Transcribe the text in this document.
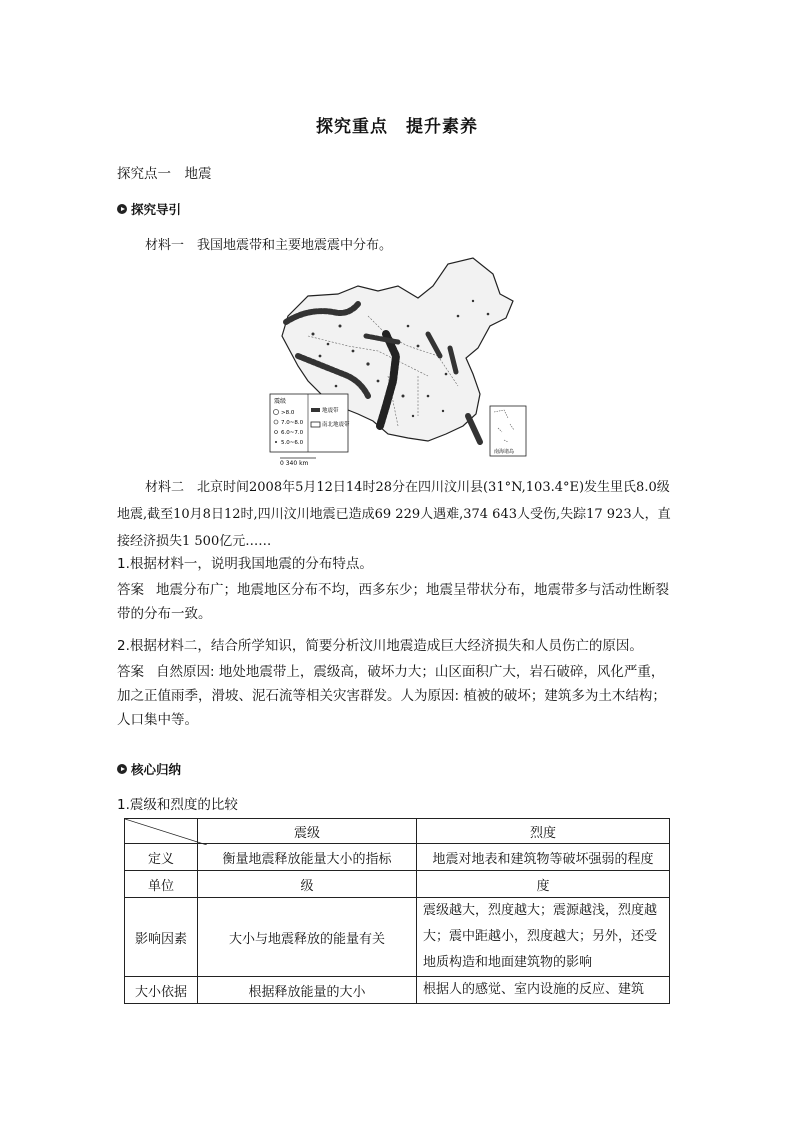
探究重点　提升素养
探究点一　地震
探究导引
材料一　我国地震带和主要地震震中分布。
震级
>8.0
7.0~8.0
6.0~7.0
5.0~6.0
地震带
南北地震带
0 340 km
南海诸岛
材料二　北京时间2008年5月12日14时28分在四川汶川县(31°N,103.4°E)发生里氏8.0级地震,截至10月8日12时,四川汶川地震已造成69 229人遇难,374 643人受伤,失踪17 923人，直接经济损失1 500亿元……
1.根据材料一，说明我国地震的分布特点。
答案 地震分布广；地震地区分布不均，西多东少；地震呈带状分布，地震带多与活动性断裂带的分布一致。
2.根据材料二，结合所学知识，简要分析汶川地震造成巨大经济损失和人员伤亡的原因。
答案 自然原因: 地处地震带上，震级高，破坏力大；山区面积广大，岩石破碎，风化严重，加之正值雨季，滑坡、泥石流等相关灾害群发。人为原因: 植被的破坏；建筑多为土木结构；人口集中等。
核心归纳
1.震级和烈度的比较
	震级	烈度
定义	衡量地震释放能量大小的指标	地震对地表和建筑物等破坏强弱的程度
单位	级	度
影响因素	大小与地震释放的能量有关	震级越大，烈度越大；震源越浅，烈度越大；震中距越小，烈度越大；另外，还受地质构造和地面建筑物的影响
大小依据	根据释放能量的大小	根据人的感觉、室内设施的反应、建筑
